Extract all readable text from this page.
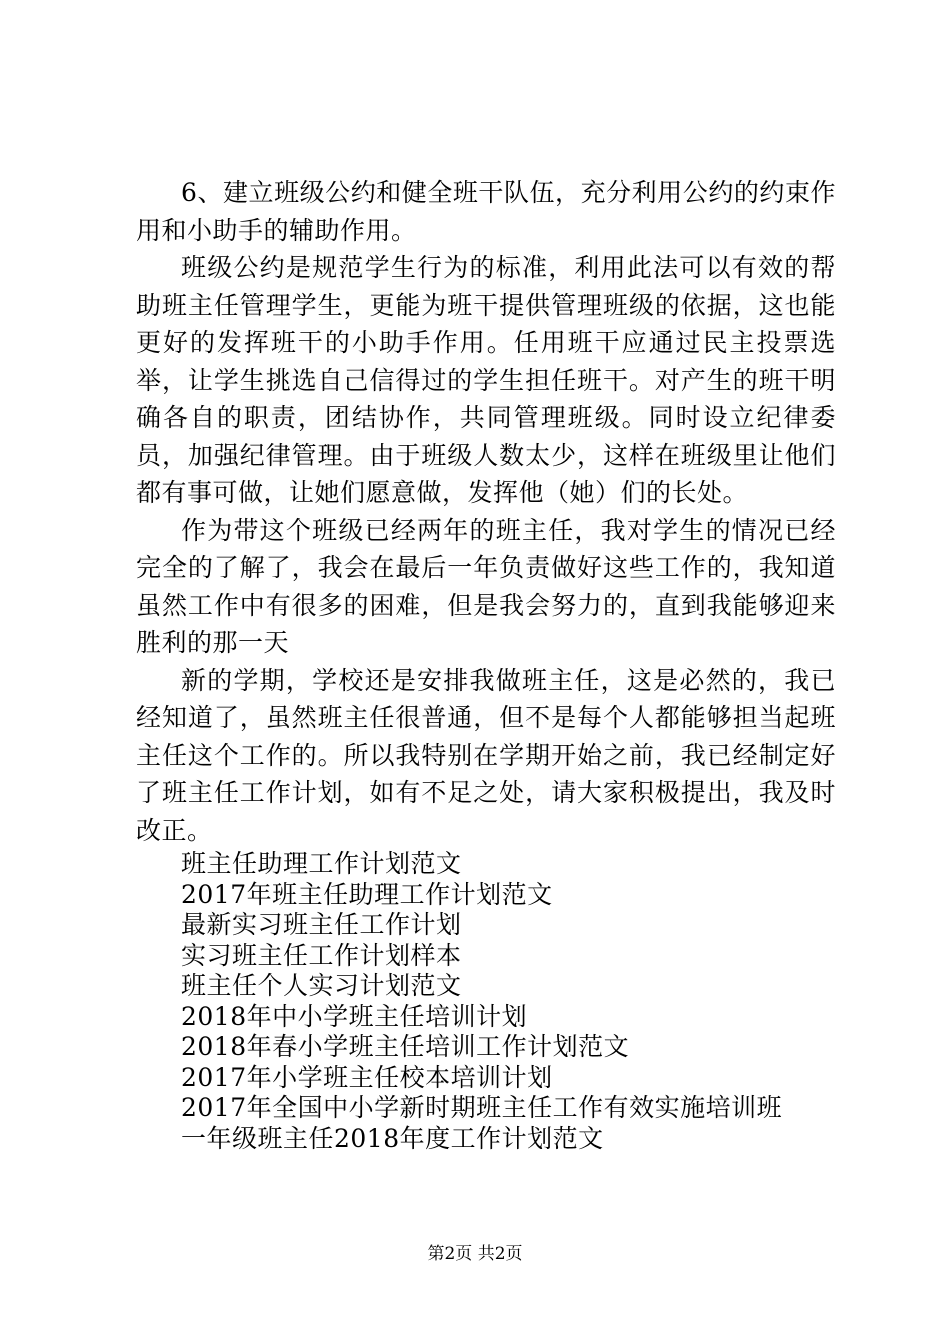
6、建立班级公约和健全班干队伍，充分利用公约的约束作用和小助手的辅助作用。

班级公约是规范学生行为的标准，利用此法可以有效的帮助班主任管理学生，更能为班干提供管理班级的依据，这也能更好的发挥班干的小助手作用。任用班干应通过民主投票选举，让学生挑选自己信得过的学生担任班干。对产生的班干明确各自的职责，团结协作，共同管理班级。同时设立纪律委员，加强纪律管理。由于班级人数太少，这样在班级里让他们都有事可做，让她们愿意做，发挥他（她）们的长处。

作为带这个班级已经两年的班主任，我对学生的情况已经完全的了解了，我会在最后一年负责做好这些工作的，我知道虽然工作中有很多的困难，但是我会努力的，直到我能够迎来胜利的那一天

新的学期，学校还是安排我做班主任，这是必然的，我已经知道了，虽然班主任很普通，但不是每个人都能够担当起班主任这个工作的。所以我特别在学期开始之前，我已经制定好了班主任工作计划，如有不足之处，请大家积极提出，我及时改正。

班主任助理工作计划范文
2017年班主任助理工作计划范文
最新实习班主任工作计划
实习班主任工作计划样本
班主任个人实习计划范文
2018年中小学班主任培训计划
2018年春小学班主任培训工作计划范文
2017年小学班主任校本培训计划
2017年全国中小学新时期班主任工作有效实施培训班
一年级班主任2018年度工作计划范文
第2页 共2页
